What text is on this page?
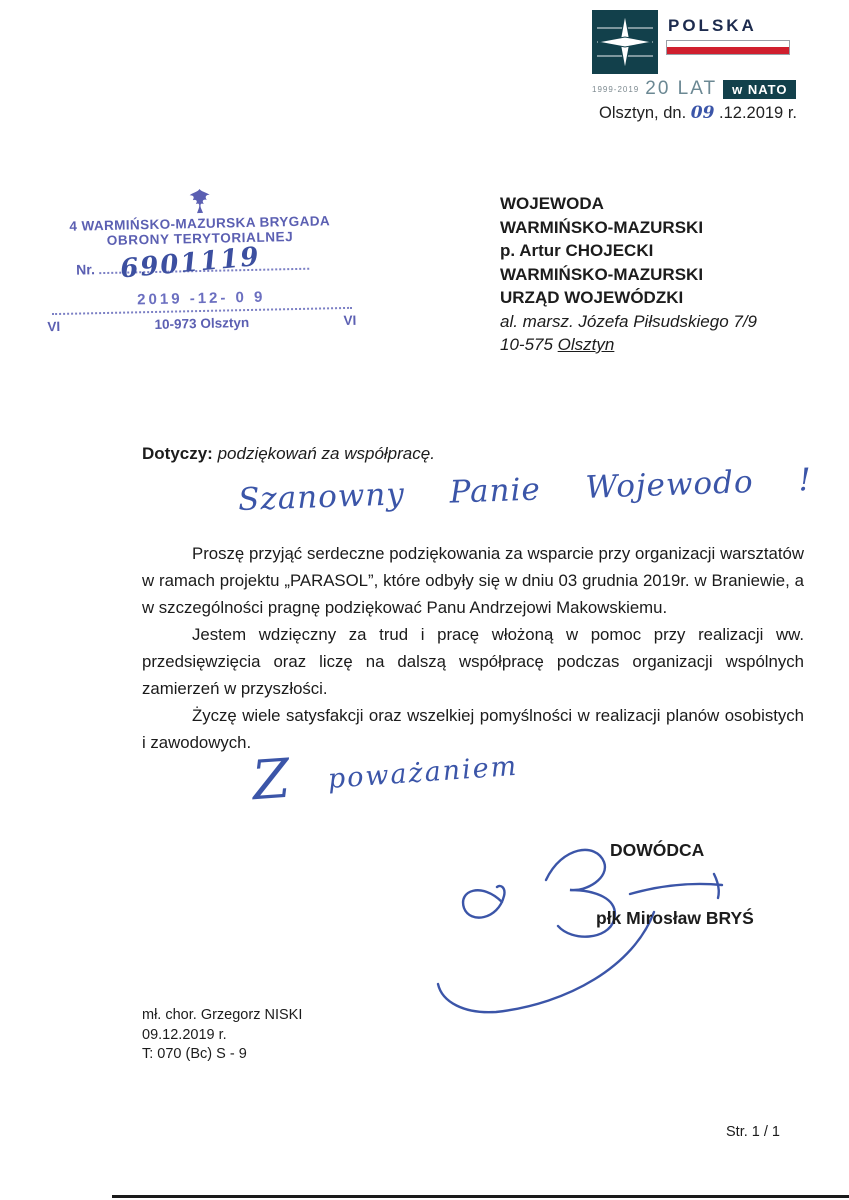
POLSKA
1999-2019 20 LAT	w NATO
Olsztyn, dn. 09 .12.2019 r.
4 WARMIŃSKO-MAZURSKA BRYGADA
OBRONY TERYTORIALNEJ
Nr. 6901119
2019 -12- 0 9
VI	10-973 Olsztyn	VI
WOJEWODA
WARMIŃSKO-MAZURSKI
p. Artur CHOJECKI
WARMIŃSKO-MAZURSKI
URZĄD WOJEWÓDZKI
al. marsz. Józefa Piłsudskiego 7/9
10-575 Olsztyn
Dotyczy: podziękowań za współpracę.
Szanowny Panie Wojewodo !

Proszę przyjąć serdeczne podziękowania za wsparcie przy organizacji warsztatów w ramach projektu „PARASOL”, które odbyły się w dniu 03 grudnia 2019r. w Braniewie, a w szczególności pragnę podziękować Panu Andrzejowi Makowskiemu.

Jestem wdzięczny za trud i pracę włożoną w pomoc przy realizacji ww. przedsięwzięcia oraz liczę na dalszą współpracę podczas organizacji wspólnych zamierzeń w przyszłości.

Życzę wiele satysfakcji oraz wszelkiej pomyślności w realizacji planów osobistych i zawodowych.

Z poważaniem
DOWÓDCA
płk Mirosław BRYŚ
mł. chor. Grzegorz NISKI
09.12.2019 r.
T: 070 (Bc) S - 9
Str. 1 / 1
